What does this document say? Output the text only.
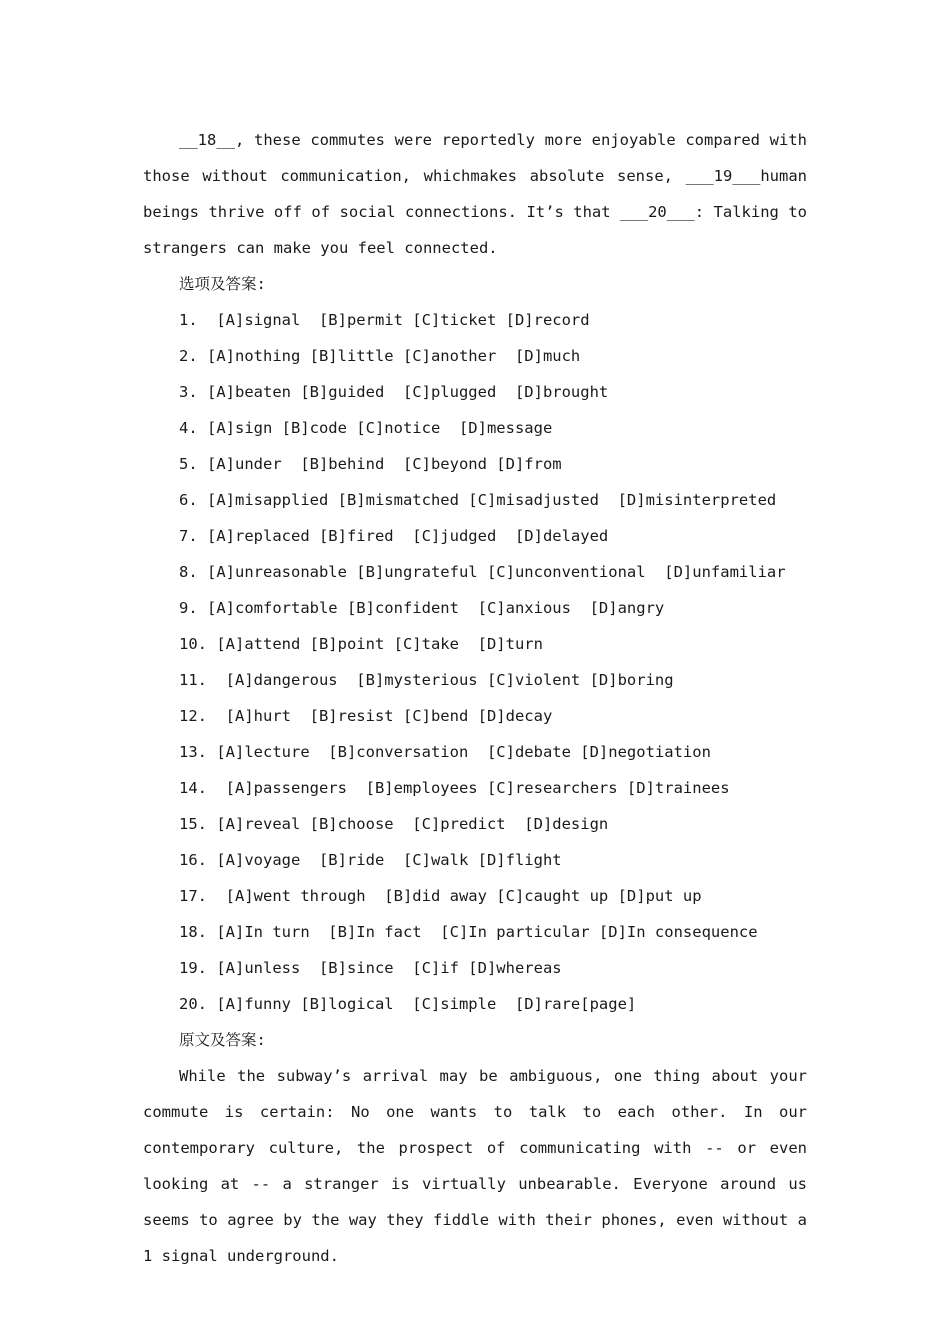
__18__, these commutes were reportedly more enjoyable compared with those without communication, whichmakes absolute sense, ___19___human beings thrive off of social connections. It’s that ___20___: Talking to strangers can make you feel connected.

选项及答案:
1.  [A]signal  [B]permit [C]ticket [D]record
2. [A]nothing [B]little [C]another  [D]much
3. [A]beaten [B]guided  [C]plugged  [D]brought
4. [A]sign [B]code [C]notice  [D]message
5. [A]under  [B]behind  [C]beyond [D]from
6. [A]misapplied [B]mismatched [C]misadjusted  [D]misinterpreted
7. [A]replaced [B]fired  [C]judged  [D]delayed
8. [A]unreasonable [B]ungrateful [C]unconventional  [D]unfamiliar
9. [A]comfortable [B]confident  [C]anxious  [D]angry
10. [A]attend [B]point [C]take  [D]turn
11.  [A]dangerous  [B]mysterious [C]violent [D]boring
12.  [A]hurt  [B]resist [C]bend [D]decay
13. [A]lecture  [B]conversation  [C]debate [D]negotiation
14.  [A]passengers  [B]employees [C]researchers [D]trainees
15. [A]reveal [B]choose  [C]predict  [D]design
16. [A]voyage  [B]ride  [C]walk [D]flight
17.  [A]went through  [B]did away [C]caught up [D]put up
18. [A]In turn  [B]In fact  [C]In particular [D]In consequence
19. [A]unless  [B]since  [C]if [D]whereas
20. [A]funny [B]logical  [C]simple  [D]rare[page]
原文及答案:

While the subway’s arrival may be ambiguous, one thing about your commute is certain: No one wants to talk to each other. In our contemporary culture, the prospect of communicating with -- or even looking at -- a stranger is virtually unbearable. Everyone around us seems to agree by the way they fiddle with their phones, even without a 1 signal underground.
